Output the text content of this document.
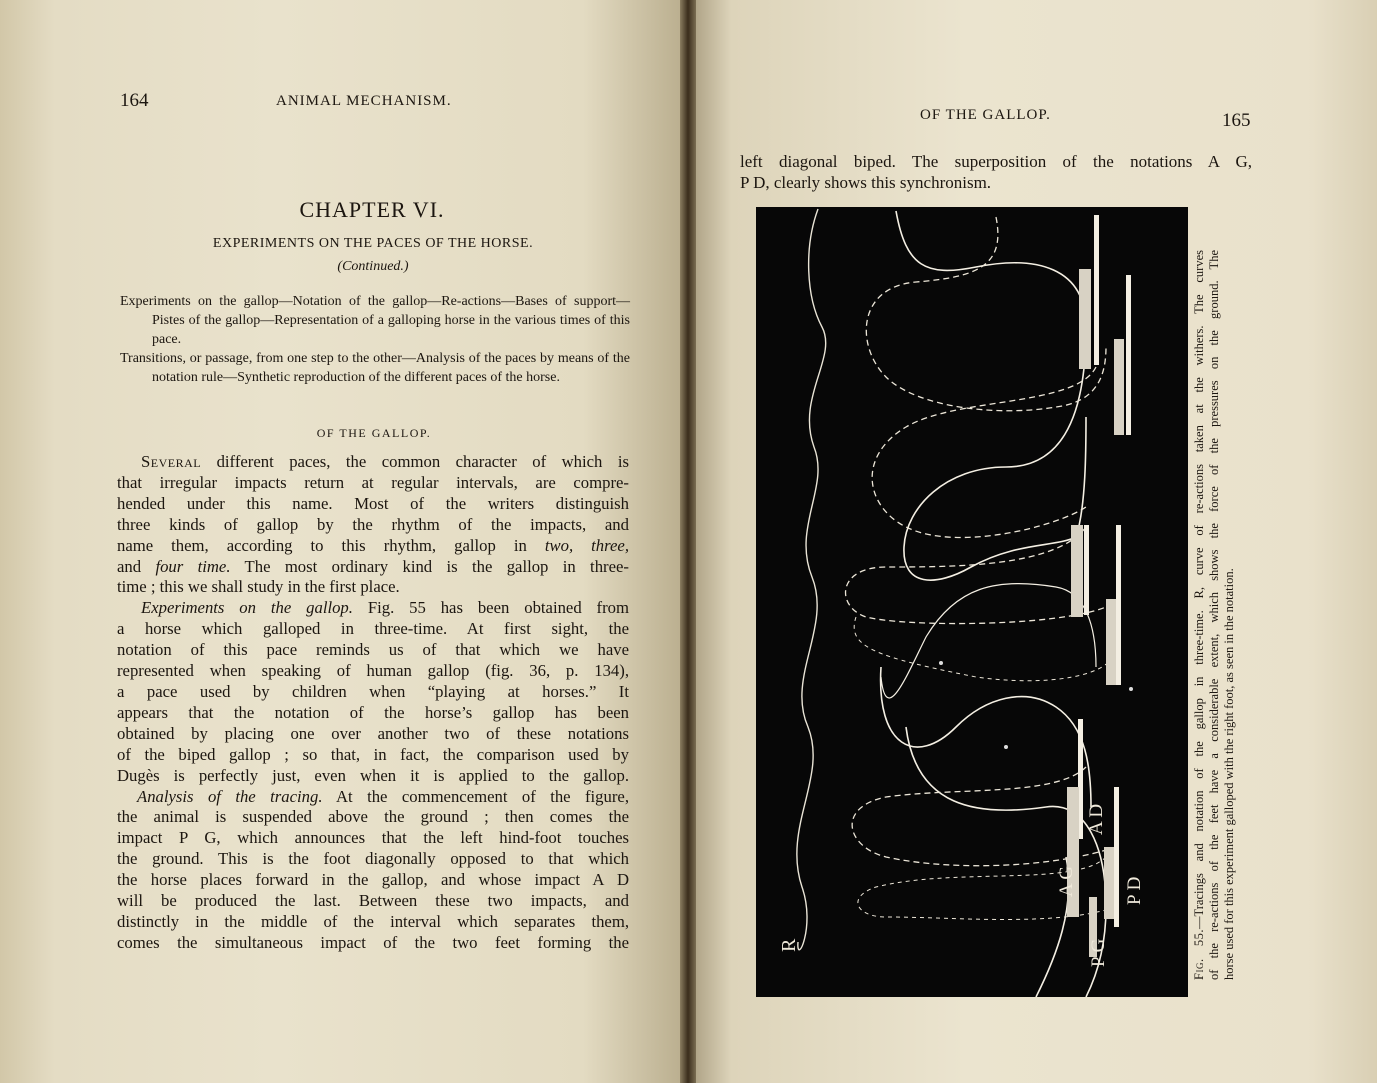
164	ANIMAL MECHANISM.
CHAPTER VI.
EXPERIMENTS ON THE PACES OF THE HORSE.
(Continued.)

Experiments on the gallop—Notation of the gallop—Re-actions—Bases of support—Pistes of the gallop—Representation of a galloping horse in the various times of this pace.

Transitions, or passage, from one step to the other—Analysis of the paces by means of the notation rule—Synthetic reproduction of the different paces of the horse.

OF THE GALLOP.
Several different paces, the common character of which is
that irregular impacts return at regular intervals, are compre-
hended under this name. Most of the writers distinguish
three kinds of gallop by the rhythm of the impacts, and
name them, according to this rhythm, gallop in two, three,
and four time. The most ordinary kind is the gallop in three-
time ; this we shall study in the first place.
Experiments on the gallop. Fig. 55 has been obtained from
a horse which galloped in three-time. At first sight, the
notation of this pace reminds us of that which we have
represented when speaking of human gallop (fig. 36, p. 134),
a pace used by children when “playing at horses.” It
appears that the notation of the horse’s gallop has been
obtained by placing one over another two of these notations
of the biped gallop ; so that, in fact, the comparison used by
Dugès is perfectly just, even when it is applied to the gallop.
Analysis of the tracing. At the commencement of the figure,
the animal is suspended above the ground ; then comes the
impact P G, which announces that the left hind-foot touches
the ground. This is the foot diagonally opposed to that which
the horse places forward in the gallop, and whose impact A D
will be produced the last. Between these two impacts, and
distinctly in the middle of the interval which separates them,
comes the simultaneous impact of the two feet forming the
OF THE GALLOP.	165
left diagonal biped. The superposition of the notations A G,
P D, clearly shows this synchronism.
R	P G
A G
A D
P D
Fig. 55.—Tracings and notation of the gallop in three-time. R, curve of re-actions taken at the withers. The curves of the re-actions of the feet have a considerable extent, which shows the force of the pressures on the ground. The horse used for this experiment galloped with the right foot, as seen in the notation.
